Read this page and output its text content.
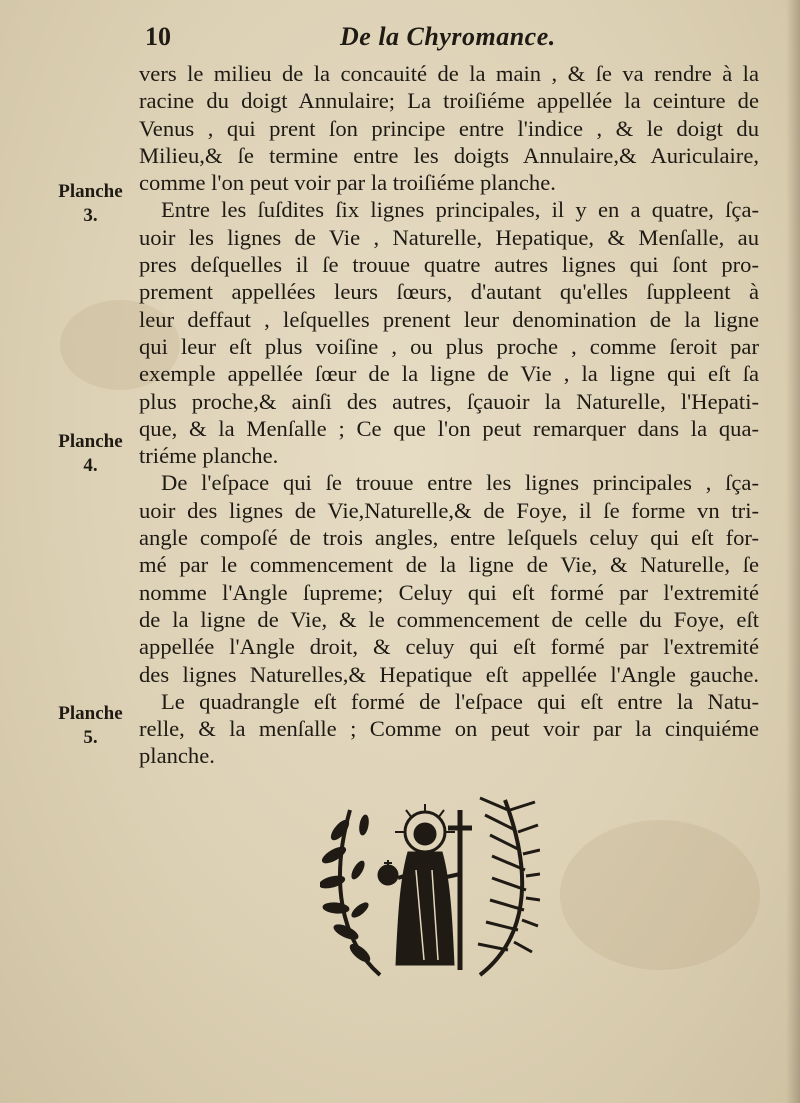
10	De la Chyromance.
vers le milieu de la concauité de la main , & ſe va rendre à la
racine du doigt Annulaire; La troiſiéme appellée la ceinture de
Venus , qui prent ſon principe entre l'indice , & le doigt du
Milieu,& ſe termine entre les doigts Annulaire,& Auriculaire,
comme l'on peut voir par la troiſiéme planche.
Entre les ſuſdites ſix lignes principales, il y en a quatre, ſça-
uoir les lignes de Vie , Naturelle, Hepatique, & Menſalle, au
pres deſquelles il ſe trouue quatre autres lignes qui ſont pro-
prement appellées leurs ſœurs, d'autant qu'elles ſuppleent à
leur deffaut , leſquelles prenent leur denomination de la ligne
qui leur eſt plus voiſine , ou plus proche , comme ſeroit par
exemple appellée ſœur de la ligne de Vie , la ligne qui eſt ſa
plus proche,& ainſi des autres, ſçauoir la Naturelle, l'Hepati-
que, & la Menſalle ; Ce que l'on peut remarquer dans la qua-
triéme planche.
De l'eſpace qui ſe trouue entre les lignes principales , ſça-
uoir des lignes de Vie,Naturelle,& de Foye, il ſe forme vn tri-
angle compoſé de trois angles, entre leſquels celuy qui eſt for-
mé par le commencement de la ligne de Vie, & Naturelle, ſe
nomme l'Angle ſupreme; Celuy qui eſt formé par l'extremité
de la ligne de Vie, & le commencement de celle du Foye, eſt
appellée l'Angle droit, & celuy qui eſt formé par l'extremité
des lignes Naturelles,& Hepatique eſt appellée l'Angle gauche.
Le quadrangle eſt formé de l'eſpace qui eſt entre la Natu-
relle, & la menſalle ; Comme on peut voir par la cinquiéme
planche.
Planche
3.
Planche
4.
Planche
5.
